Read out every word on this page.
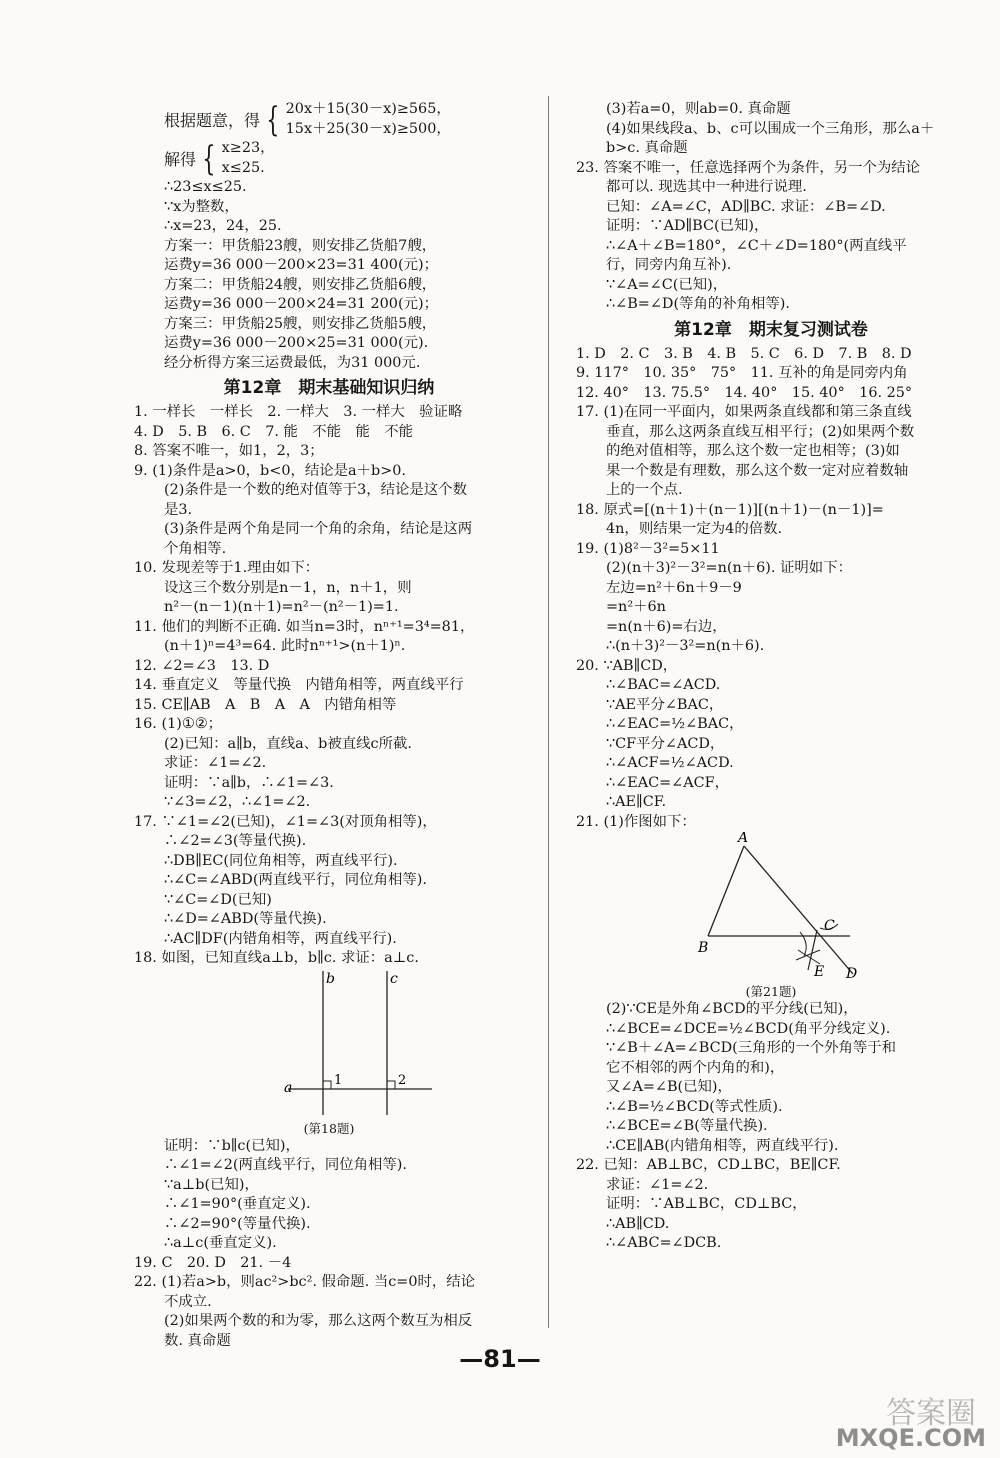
根据题意，得 { 20x＋15(30－x)≥565，
15x＋25(30－x)≥500，
解得 { x≥23，
x≤25.
∴23≤x≤25.
∵x为整数，
∴x=23，24，25.
方案一：甲货船23艘，则安排乙货船7艘，
运费y=36 000－200×23=31 400(元)；
方案二：甲货船24艘，则安排乙货船6艘，
运费y=36 000－200×24=31 200(元)；
方案三：甲货船25艘，则安排乙货船5艘，
运费y=36 000－200×25=31 000(元).
经分析得方案三运费最低，为31 000元.
第12章　期末基础知识归纳
1. 一样长　一样长　2. 一样大　3. 一样大　验证略
4. D　5. B　6. C　7. 能　不能　能　不能
8. 答案不唯一，如1，2，3；
9. (1)条件是a>0，b<0，结论是a＋b>0.
(2)条件是一个数的绝对值等于3，结论是这个数
是3.
(3)条件是两个角是同一个角的余角，结论是这两
个角相等.
10. 发现差等于1.理由如下：
设这三个数分别是n－1，n，n＋1，则
n²－(n－1)(n＋1)=n²－(n²－1)=1.
11. 他们的判断不正确. 如当n=3时，nⁿ⁺¹=3⁴=81，
(n＋1)ⁿ=4³=64. 此时nⁿ⁺¹>(n＋1)ⁿ.
12. ∠2=∠3　13. D
14. 垂直定义　等量代换　内错角相等，两直线平行
15. CE∥AB　A　B　A　A　内错角相等
16. (1)①②；
(2)已知：a∥b，直线a、b被直线c所截.
求证：∠1=∠2.
证明：∵a∥b，∴∠1=∠3.
∵∠3=∠2，∴∠1=∠2.
17. ∵∠1=∠2(已知)，∠1=∠3(对顶角相等)，
∴∠2=∠3(等量代换).
∴DB∥EC(同位角相等，两直线平行).
∴∠C=∠ABD(两直线平行，同位角相等).
∵∠C=∠D(已知)
∴∠D=∠ABD(等量代换).
∴AC∥DF(内错角相等，两直线平行).
18. 如图，已知直线a⊥b，b∥c. 求证：a⊥c.
a
b	c
1	2
(第18题)
证明：∵b∥c(已知)，
∴∠1=∠2(两直线平行，同位角相等).
∵a⊥b(已知)，
∴∠1=90°(垂直定义).
∴∠2=90°(等量代换).
∴a⊥c(垂直定义).
19. C　20. D　21. －4
22. (1)若a>b，则ac²>bc². 假命题. 当c=0时，结论
不成立.
(2)如果两个数的和为零，那么这两个数互为相反
数. 真命题
(3)若a=0，则ab=0. 真命题
(4)如果线段a、b、c可以围成一个三角形，那么a＋
b>c. 真命题
23. 答案不唯一，任意选择两个为条件，另一个为结论
都可以. 现选其中一种进行说理.
已知：∠A=∠C，AD∥BC. 求证：∠B=∠D.
证明：∵AD∥BC(已知)，
∴∠A＋∠B=180°，∠C＋∠D=180°(两直线平
行，同旁内角互补).
∵∠A=∠C(已知)，
∴∠B=∠D(等角的补角相等).
第12章　期末复习测试卷
1. D　2. C　3. B　4. B　5. C　6. D　7. B　8. D
9. 117°　10. 35°　75°　11. 互补的角是同旁内角
12. 40°　13. 75.5°　14. 40°　15. 40°　16. 25°
17. (1)在同一平面内，如果两条直线都和第三条直线
垂直，那么这两条直线互相平行；(2)如果两个数
的绝对值相等，那么这个数一定也相等；(3)如
果一个数是有理数，那么这个数一定对应着数轴
上的一个点.
18. 原式=[(n＋1)＋(n－1)][(n＋1)－(n－1)]=
4n，则结果一定为4的倍数.
19. (1)8²－3²=5×11
(2)(n＋3)²－3²=n(n＋6). 证明如下：
左边=n²＋6n＋9－9
=n²＋6n
=n(n＋6)=右边，
∴(n＋3)²－3²=n(n＋6).
20. ∵AB∥CD，
∴∠BAC=∠ACD.
∵AE平分∠BAC，
∴∠EAC=½∠BAC，
∵CF平分∠ACD，
∴∠ACF=½∠ACD.
∴∠EAC=∠ACF，
∴AE∥CF.
21. (1)作图如下：
A
B
C
D
E
(第21题)
(2)∵CE是外角∠BCD的平分线(已知)，
∴∠BCE=∠DCE=½∠BCD(角平分线定义).
∵∠B＋∠A=∠BCD(三角形的一个外角等于和
它不相邻的两个内角的和)，
又∠A=∠B(已知)，
∴∠B=½∠BCD(等式性质).
∴∠BCE=∠B(等量代换).
∴CE∥AB(内错角相等，两直线平行).
22. 已知：AB⊥BC，CD⊥BC，BE∥CF.
求证：∠1=∠2.
证明：∵AB⊥BC，CD⊥BC，
∴AB∥CD.
∴∠ABC=∠DCB.
—81—
答案圈
MXQE.COM
